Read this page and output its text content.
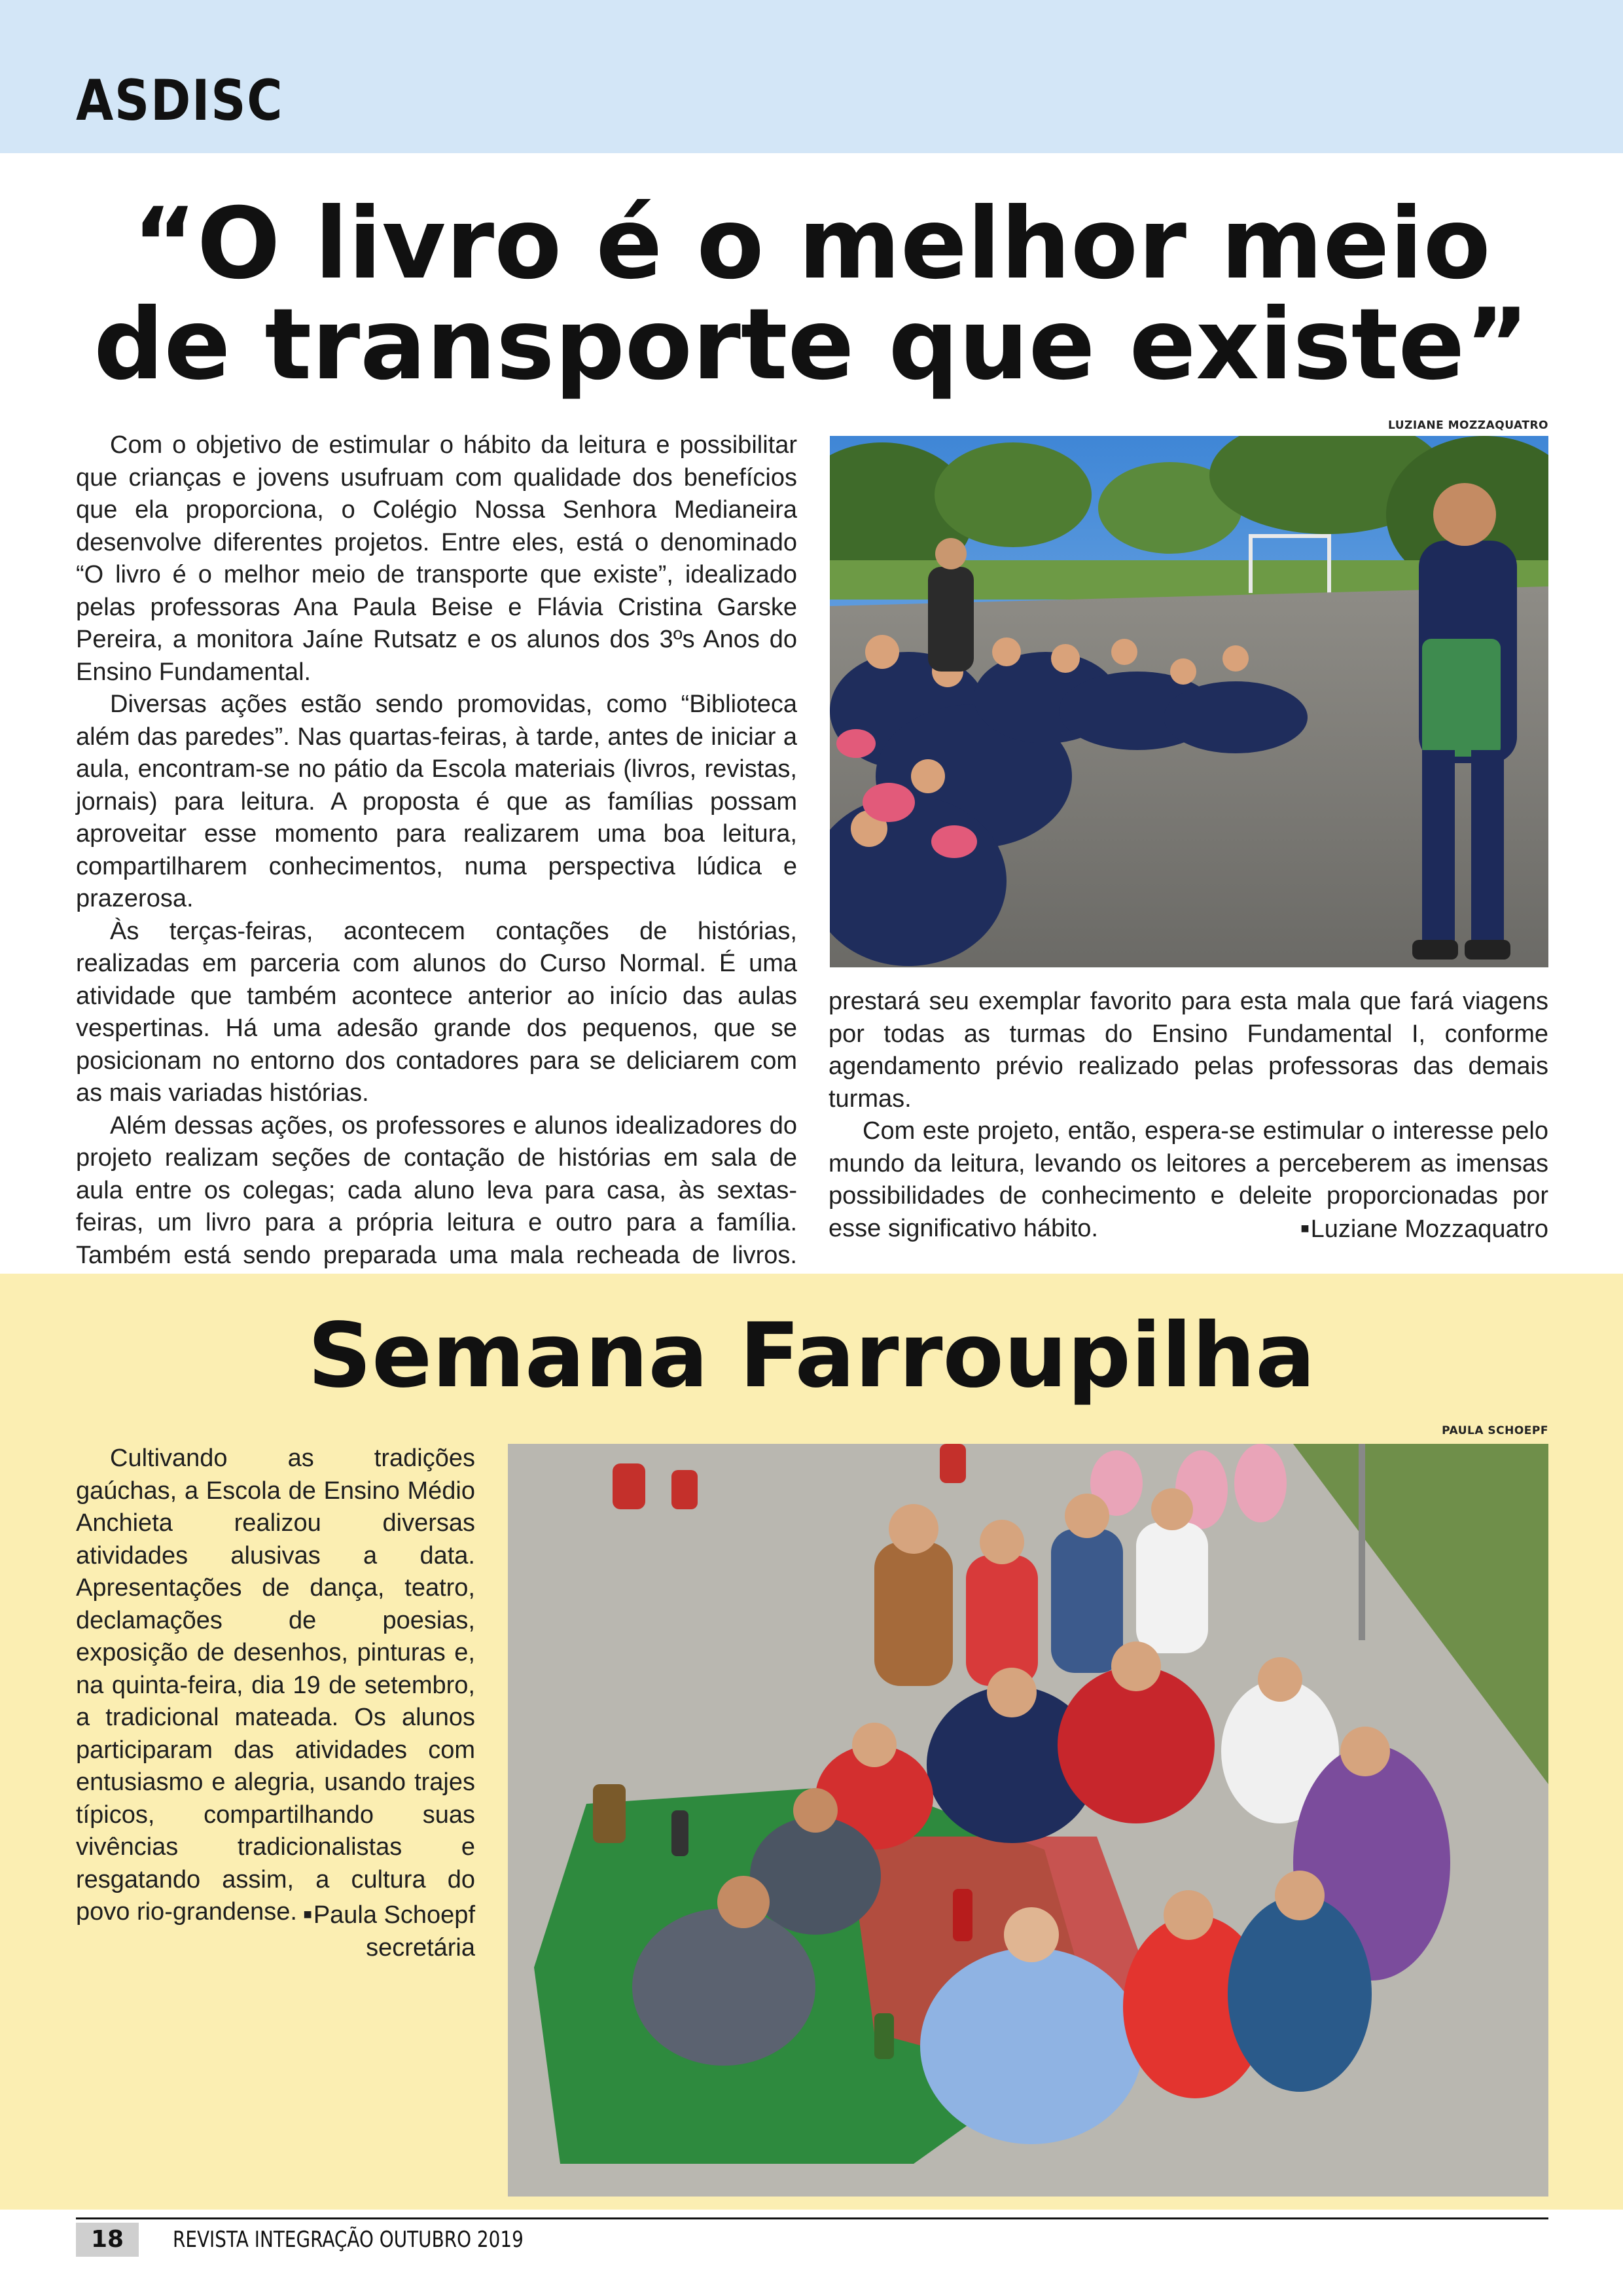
ASDISC
“O livro é o melhor meio
de transporte que existe”

Com o objetivo de estimular o hábito da leitura e possibilitar que crianças e jovens usufruam com qualidade dos benefícios que ela proporciona, o Colégio Nossa Senhora Medianeira desenvolve diferentes projetos. Entre eles, está o denominado “O livro é o melhor meio de transporte que existe”, idealizado pelas professoras Ana Paula Beise e Flávia Cristina Garske Pereira, a monitora Jaíne Rutsatz e os alunos dos 3ºs Anos do Ensino Fundamental.

Diversas ações estão sendo promovidas, como “Biblioteca além das paredes”. Nas quartas-feiras, à tarde, antes de iniciar a aula, encontram-se no pátio da Escola materiais (livros, revistas, jornais) para leitura. A proposta é que as famílias possam aproveitar esse momento para realizarem uma boa leitura, compartilharem conhecimentos, numa perspectiva lúdica e prazerosa.

Às terças-feiras, acontecem contações de histórias, realizadas em parceria com alunos do Curso Normal. É uma atividade que também acontece anterior ao início das aulas vespertinas. Há uma adesão grande dos pequenos, que se posicionam no entorno dos contadores para se deliciarem com as mais variadas histórias.

Além dessas ações, os professores e alunos idealizadores do projeto realizam seções de contação de histórias em sala de aula entre os colegas; cada aluno leva para casa, às sextas-feiras, um livro para a própria leitura e outro para a família. Também está sendo preparada uma mala recheada de livros.

LUZIANE MOZZAQUATRO

prestará seu exemplar favorito para esta mala que fará viagens por todas as turmas do Ensino Fundamental I, conforme agendamento prévio realizado pelas professoras das demais turmas.

Com este projeto, então, espera-se estimular o interesse pelo mundo da leitura, levando os leitores a perceberem as imensas possibilidades de conhecimento e deleite proporcionadas por esse significativo hábito.	■Luziane Mozzaquatro
Semana Farroupilha
PAULA SCHOEPF

Cultivando as tradições gaúchas, a Escola de Ensino Médio Anchieta realizou diversas atividades alusivas a data. Apresentações de dança, teatro, declamações de poesias, exposição de desenhos, pinturas e, na quinta-feira, dia 19 de setembro, a tradicional mateada. Os alunos participaram das atividades com entusiasmo e alegria, usando trajes típicos, compartilhando suas vivências tradicionalistas e resgatando assim, a cultura do povo rio-grandense. ■Paula Schoepf
secretária
18	REVISTA INTEGRAÇÃO OUTUBRO 2019
